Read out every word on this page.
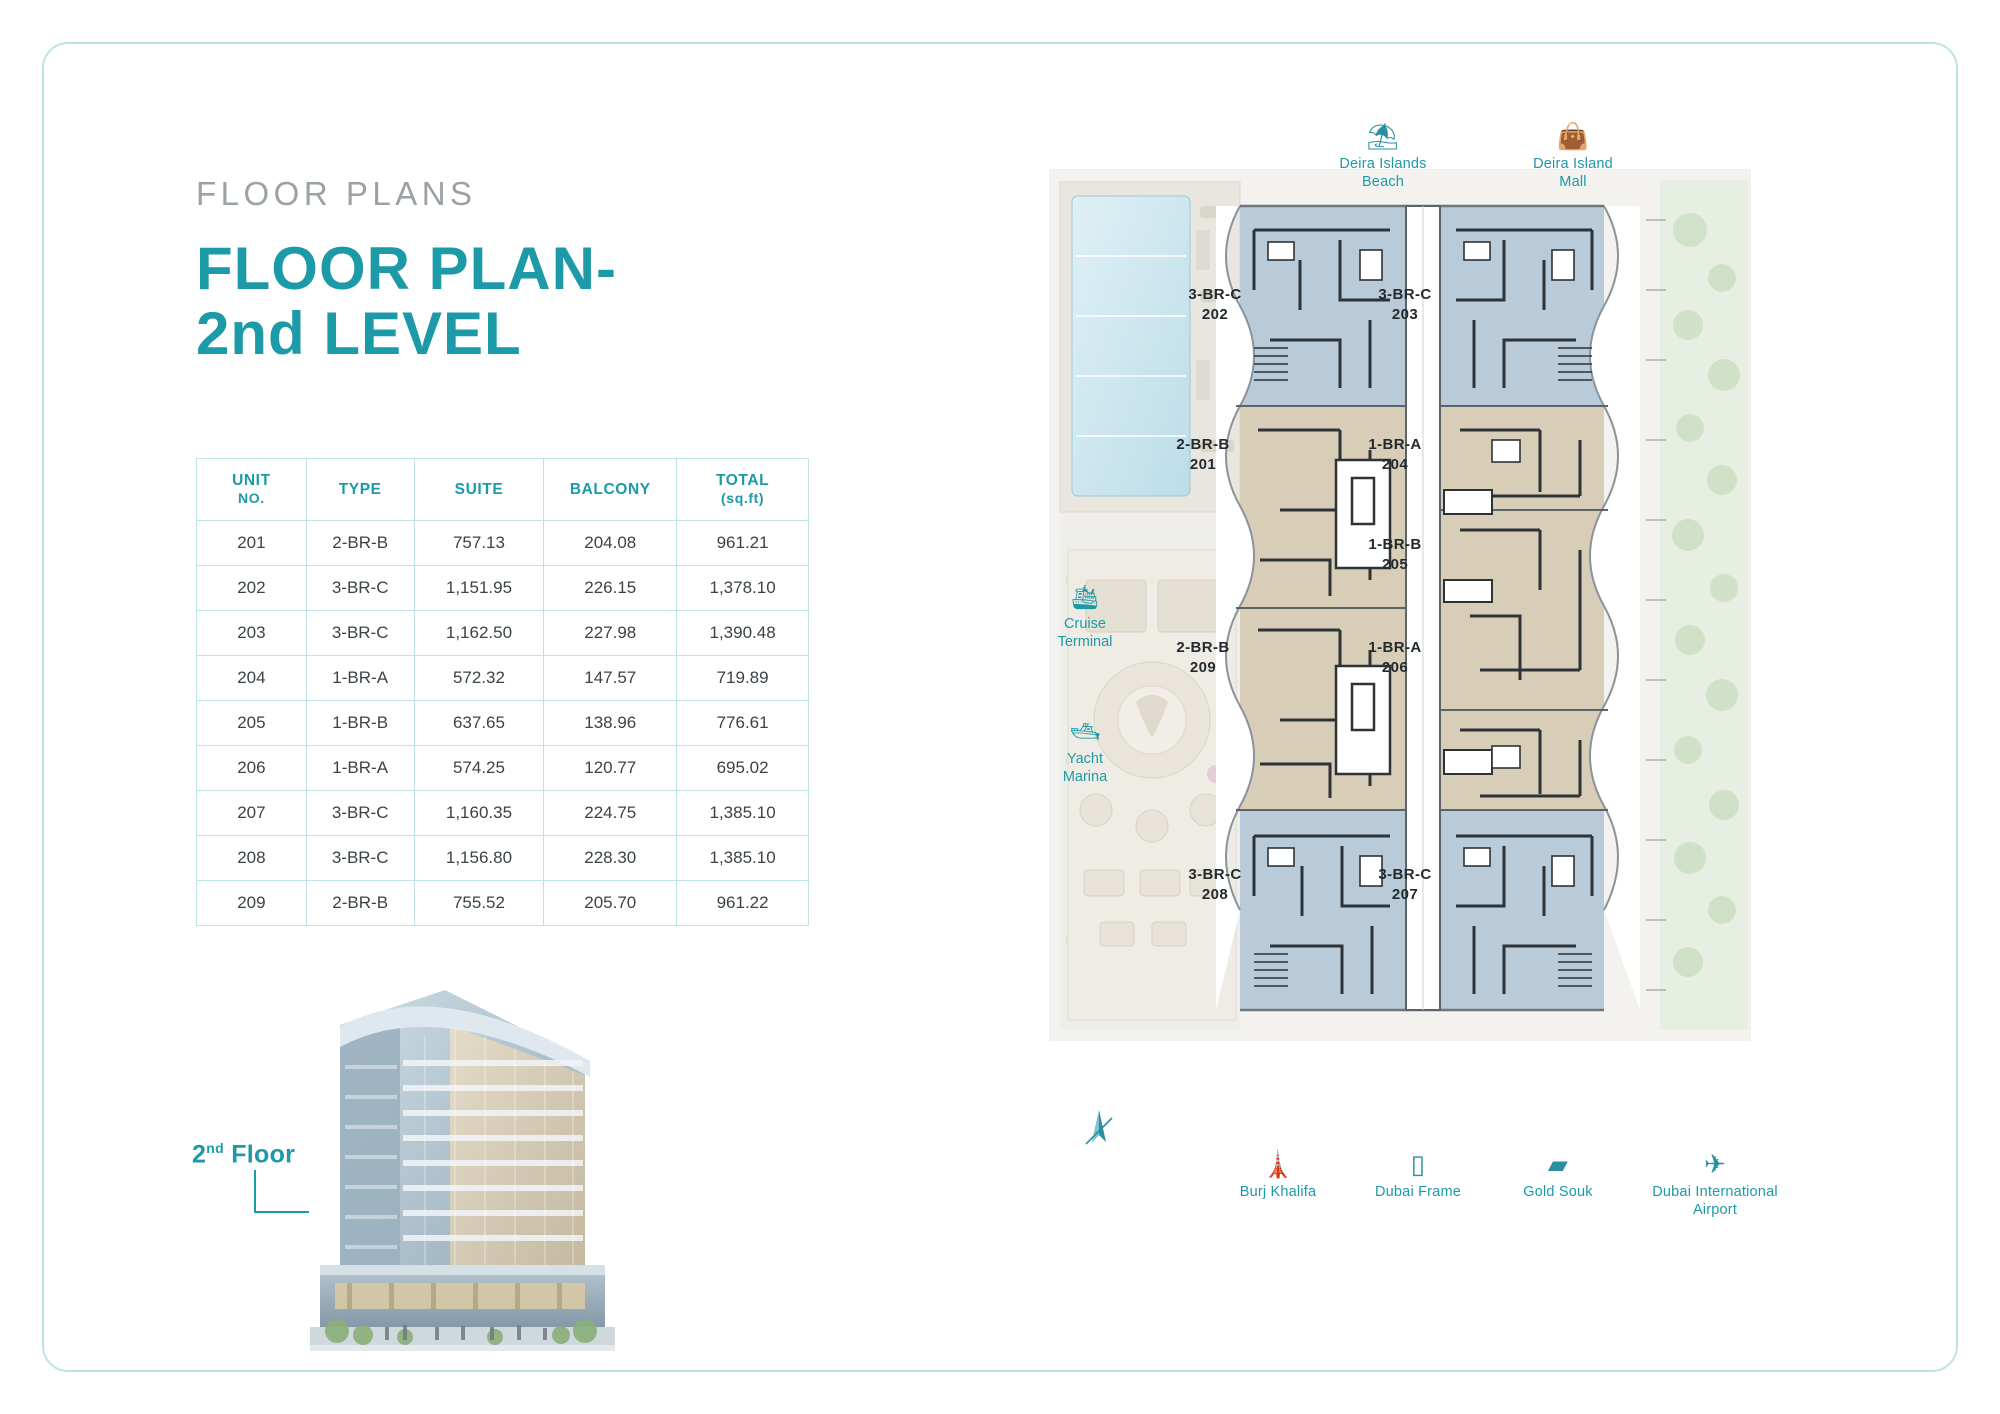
FLOOR PLANS
FLOOR PLAN-
2nd LEVEL
UNIT
NO.	TYPE	SUITE	BALCONY	TOTAL
(sq.ft)

201	2-BR-B	757.13	204.08	961.21
202	3-BR-C	1,151.95	226.15	1,378.10
203	3-BR-C	1,162.50	227.98	1,390.48
204	1-BR-A	572.32	147.57	719.89
205	1-BR-B	637.65	138.96	776.61
206	1-BR-A	574.25	120.77	695.02
207	3-BR-C	1,160.35	224.75	1,385.10
208	3-BR-C	1,156.80	228.30	1,385.10
209	2-BR-B	755.52	205.70	961.22
2nd Floor
3-BR-C
202
3-BR-C
203
2-BR-B
201
1-BR-A
204
1-BR-B
205
2-BR-B
209
1-BR-A
206
3-BR-C
208
3-BR-C
207
⛱
Deira Islands
Beach
👜
Deira Island
Mall
🛳
Cruise
Terminal
🛥
Yacht
Marina
🗼
Burj Khalifa
▯
Dubai Frame
▰
Gold Souk
✈
Dubai International
Airport
